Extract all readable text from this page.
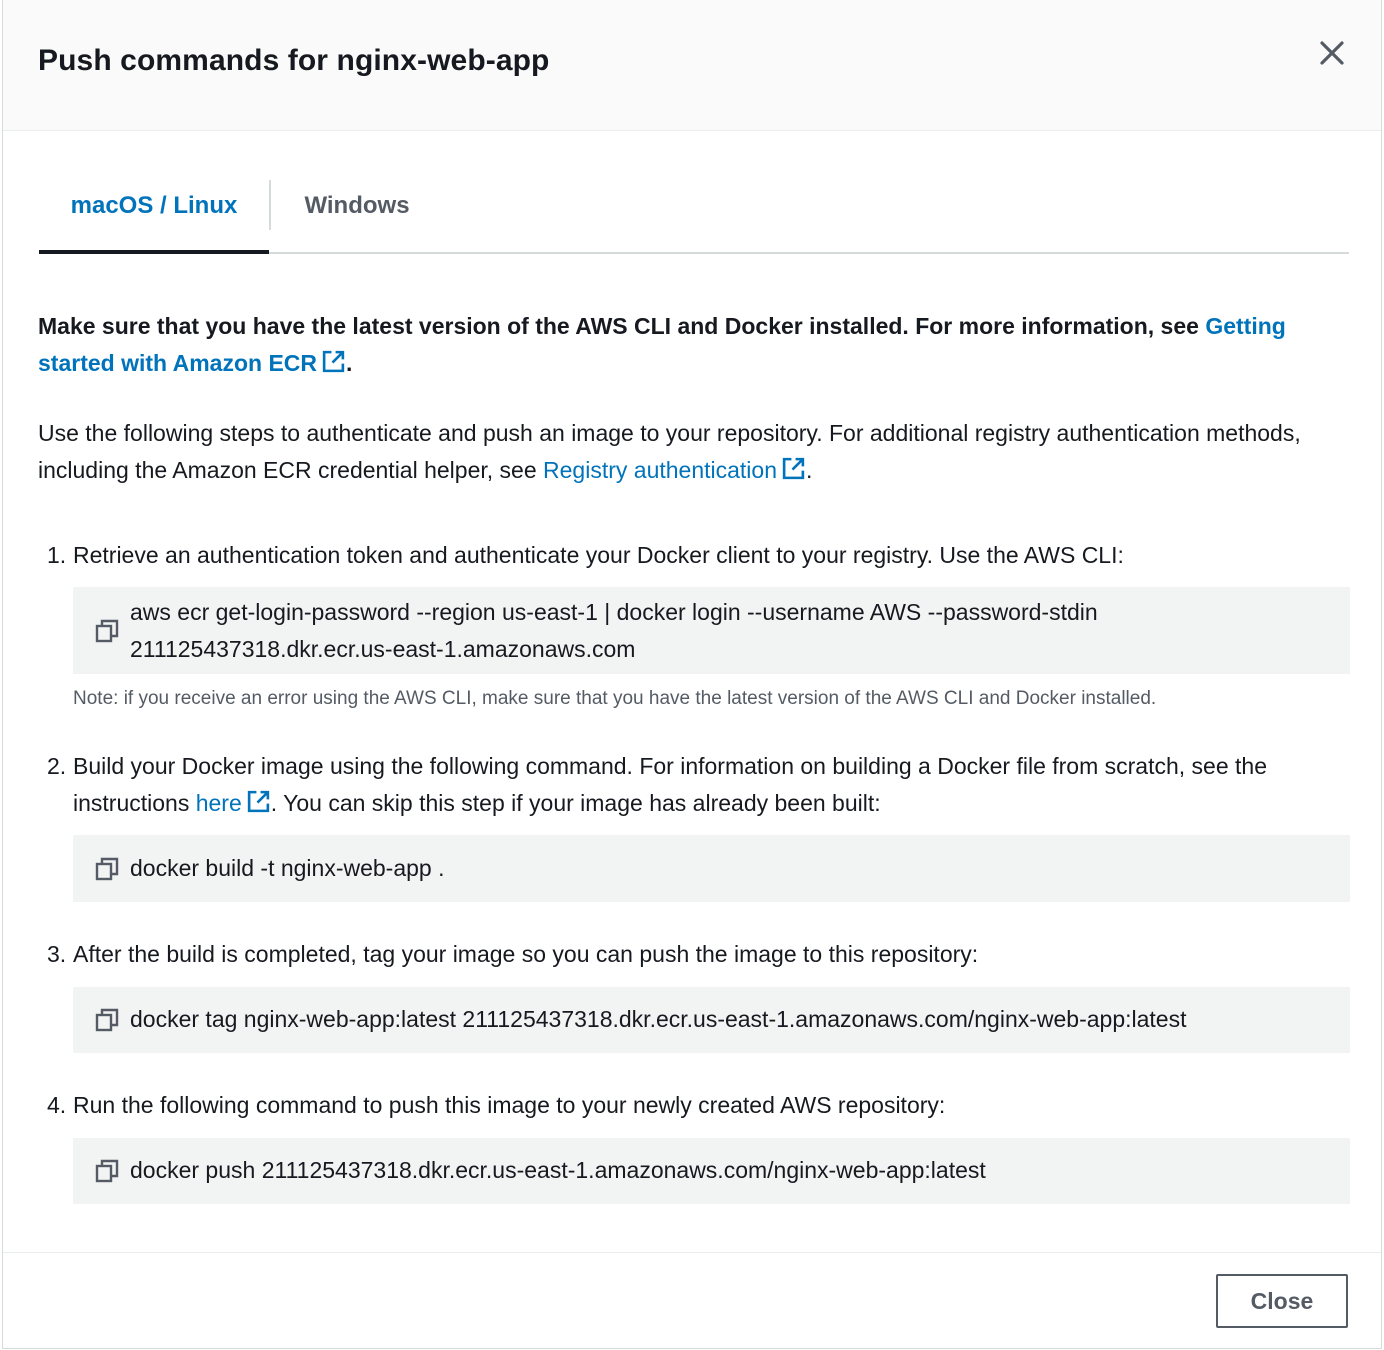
Push commands for nginx-web-app
macOS / Linux	Windows
Make sure that you have the latest version of the AWS CLI and Docker installed. For more information, see Getting started with Amazon ECR .
Use the following steps to authenticate and push an image to your repository. For additional registry authentication methods, including the Amazon ECR credential helper, see Registry authentication .
1. Retrieve an authentication token and authenticate your Docker client to your registry. Use the AWS CLI:
aws ecr get-login-password --region us-east-1 | docker login --username AWS --password-stdin
211125437318.dkr.ecr.us-east-1.amazonaws.com
Note: if you receive an error using the AWS CLI, make sure that you have the latest version of the AWS CLI and Docker installed.
2. Build your Docker image using the following command. For information on building a Docker file from scratch, see the
instructions here . You can skip this step if your image has already been built:
docker build -t nginx-web-app .
3. After the build is completed, tag your image so you can push the image to this repository:
docker tag nginx-web-app:latest 211125437318.dkr.ecr.us-east-1.amazonaws.com/nginx-web-app:latest
4. Run the following command to push this image to your newly created AWS repository:
docker push 211125437318.dkr.ecr.us-east-1.amazonaws.com/nginx-web-app:latest
Close
